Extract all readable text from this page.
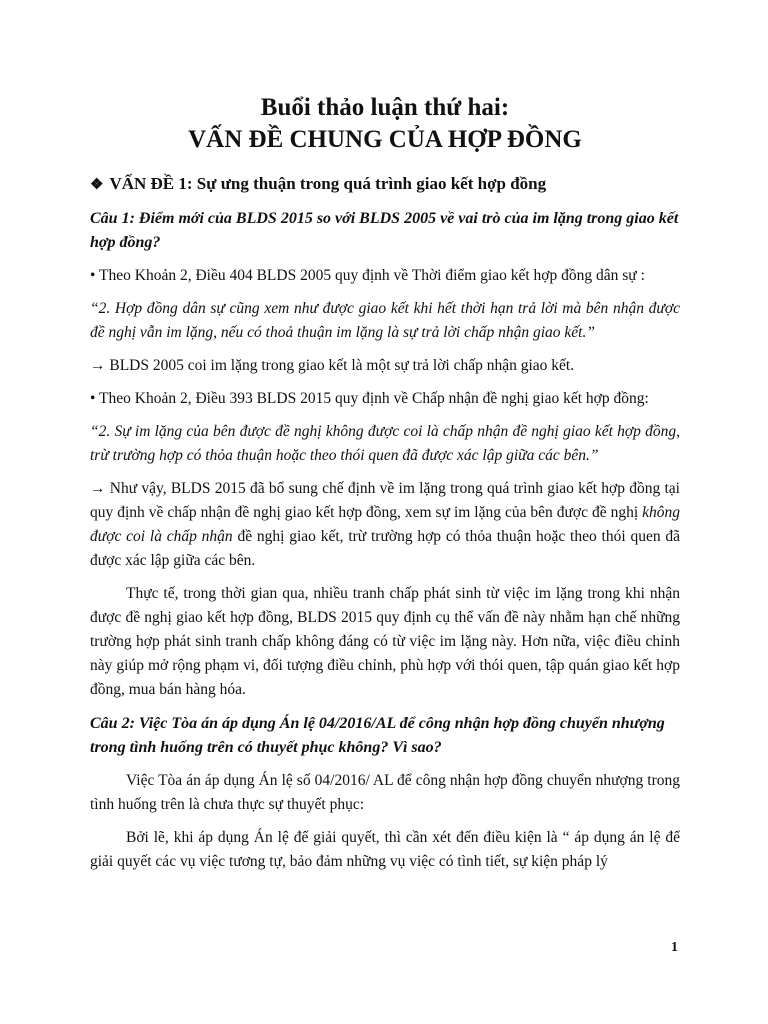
Buổi thảo luận thứ hai:

VẤN ĐỀ CHUNG CỦA HỢP ĐỒNG

❖ VẤN ĐỀ 1: Sự ưng thuận trong quá trình giao kết hợp đồng

Câu 1: Điểm mới của BLDS 2015 so với BLDS 2005 về vai trò của im lặng trong giao kết hợp đồng?

• Theo Khoản 2, Điều 404 BLDS 2005 quy định về Thời điểm giao kết hợp đồng dân sự :

“2. Hợp đồng dân sự cũng xem như được giao kết khi hết thời hạn trả lời mà bên nhận được đề nghị vẫn im lặng, nếu có thoả thuận im lặng là sự trả lời chấp nhận giao kết.”

→ BLDS 2005 coi im lặng trong giao kết là một sự trả lời chấp nhận giao kết.

• Theo Khoản 2, Điều 393 BLDS 2015 quy định về Chấp nhận đề nghị giao kết hợp đồng:

“2. Sự im lặng của bên được đề nghị không được coi là chấp nhận đề nghị giao kết hợp đồng, trừ trường hợp có thỏa thuận hoặc theo thói quen đã được xác lập giữa các bên.”

→ Như vậy, BLDS 2015 đã bổ sung chế định về im lặng trong quá trình giao kết hợp đồng tại quy định về chấp nhận đề nghị giao kết hợp đồng, xem sự im lặng của bên được đề nghị không được coi là chấp nhận đề nghị giao kết, trừ trường hợp có thỏa thuận hoặc theo thói quen đã được xác lập giữa các bên.

Thực tế, trong thời gian qua, nhiều tranh chấp phát sinh từ việc im lặng trong khi nhận được đề nghị giao kết hợp đồng, BLDS 2015 quy định cụ thể vấn đề này nhằm hạn chế những trường hợp phát sinh tranh chấp không đáng có từ việc im lặng này. Hơn nữa, việc điều chỉnh này giúp mở rộng phạm vi, đối tượng điều chỉnh, phù hợp với thói quen, tập quán giao kết hợp đồng, mua bán hàng hóa.

Câu 2: Việc Tòa án áp dụng Án lệ 04/2016/AL để công nhận hợp đồng chuyển nhượng trong tình huống trên có thuyết phục không? Vì sao?

Việc Tòa án áp dụng Án lệ số 04/2016/ AL để công nhận hợp đồng chuyển nhượng trong tình huống trên là chưa thực sự thuyết phục:

Bởi lẽ, khi áp dụng Án lệ để giải quyết, thì cần xét đến điều kiện là “ áp dụng án lệ để giải quyết các vụ việc tương tự, bảo đảm những vụ việc có tình tiết, sự kiện pháp lý

1
